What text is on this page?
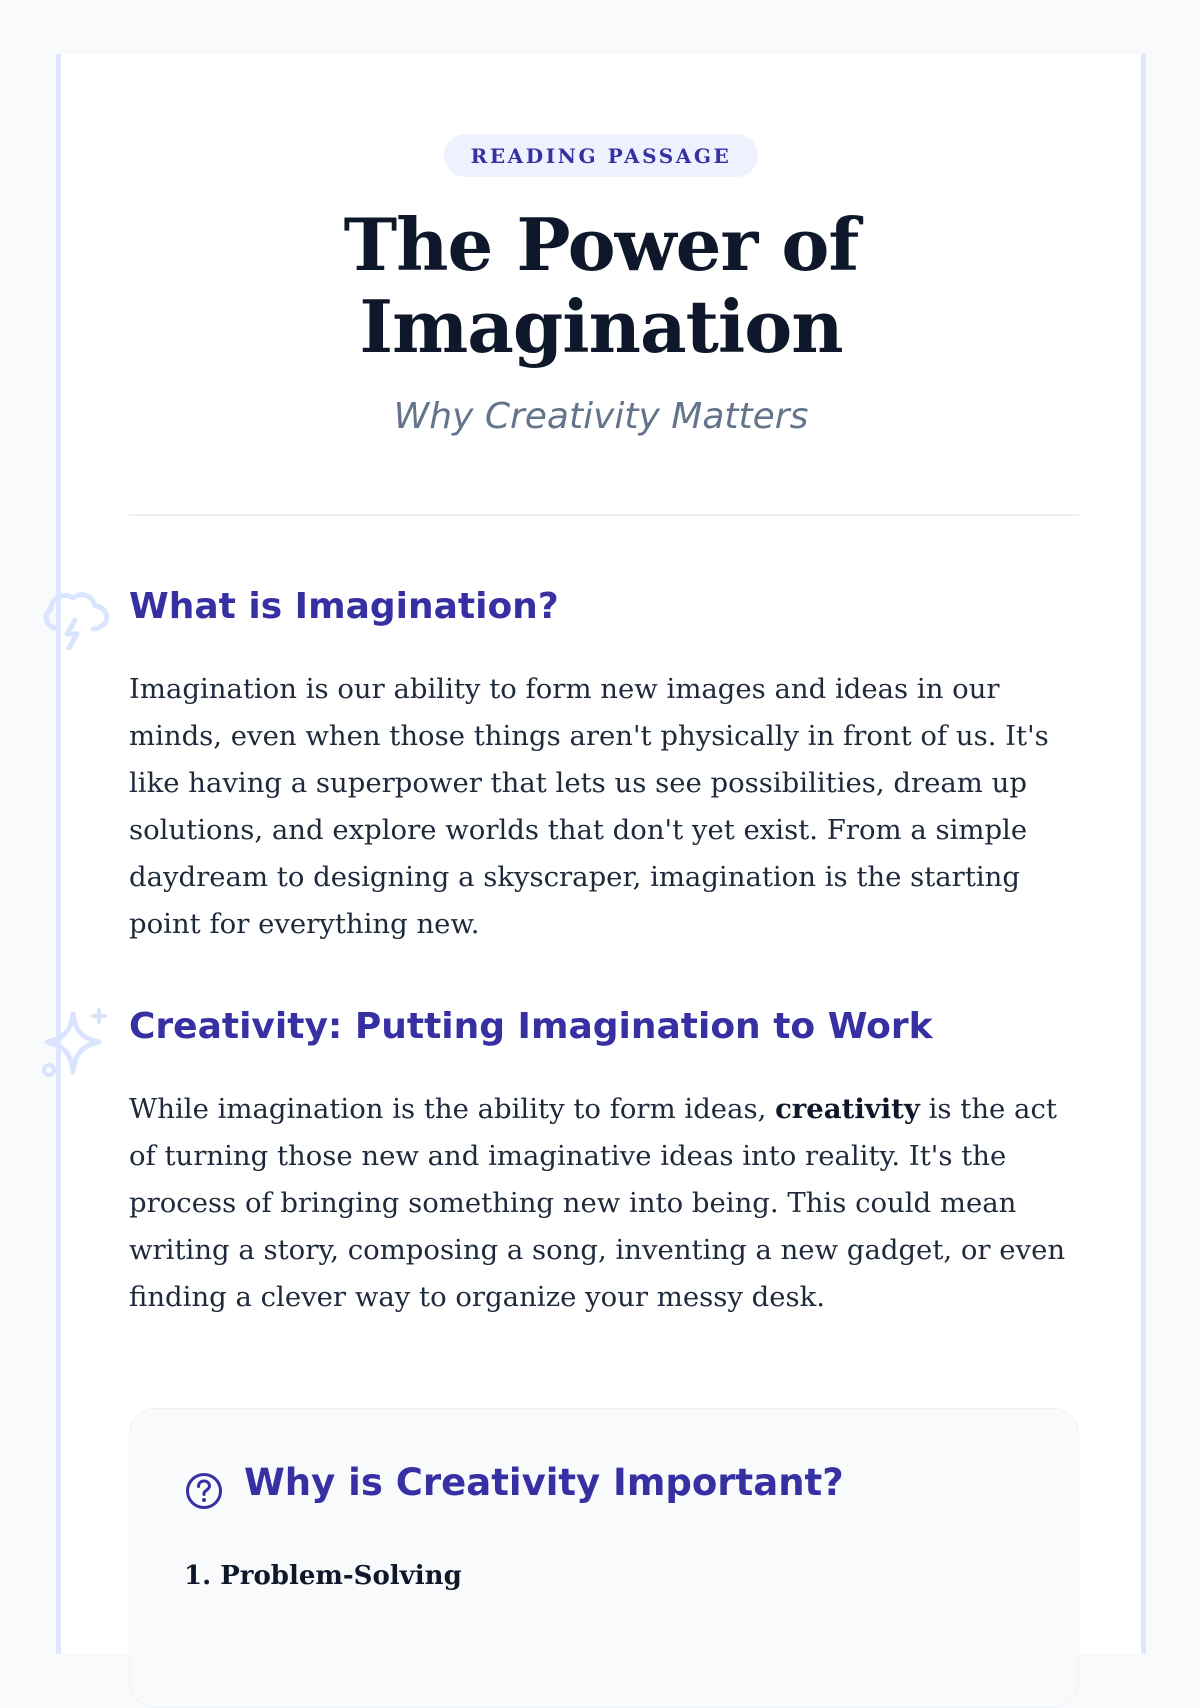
READING PASSAGE
The Power of
Imagination
Why Creativity Matters
What is Imagination?

Imagination is our ability to form new images and ideas in our minds, even when those things aren't physically in front of us. It's like having a superpower that lets us see possibilities, dream up solutions, and explore worlds that don't yet exist. From a simple daydream to designing a skyscraper, imagination is the starting point for everything new.

Creativity: Putting Imagination to Work

While imagination is the ability to form ideas, creativity is the act of turning those new and imaginative ideas into reality. It's the process of bringing something new into being. This could mean writing a story, composing a song, inventing a new gadget, or even finding a clever way to organize your messy desk.

Why is Creativity Important?
1. Problem-Solving
